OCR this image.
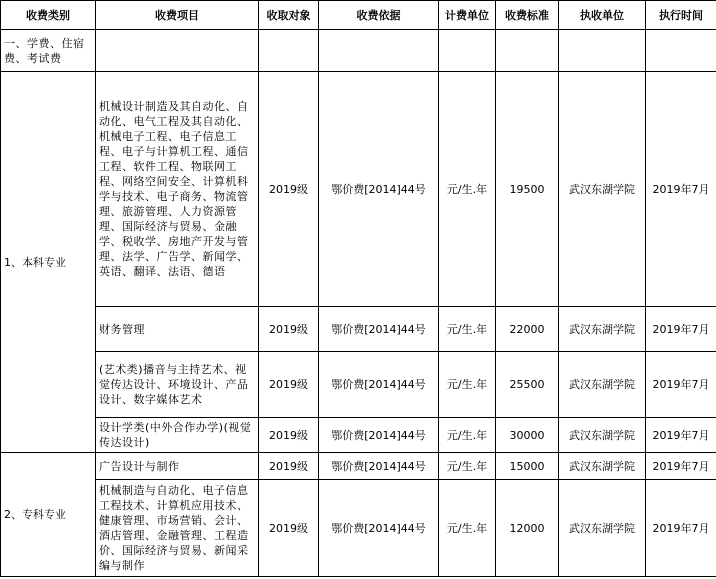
收费类别	收费项目	收取对象	收费依据	计费单位	收费标准	执收单位	执行时间
一、学费、住宿费、考试费							
1、本科专业	机械设计制造及其自动化、自动化、电气工程及其自动化、机械电子工程、电子信息工程、电子与计算机工程、通信工程、软件工程、物联网工程、网络空间安全、计算机科学与技术、电子商务、物流管理、旅游管理、人力资源管理、国际经济与贸易、金融学、税收学、房地产开发与管理、法学、广告学、新闻学、英语、翻译、法语、德语	2019级	鄂价费[2014]44号	元/生.年	19500	武汉东湖学院	2019年7月
	财务管理	2019级	鄂价费[2014]44号	元/生.年	22000	武汉东湖学院	2019年7月
	(艺术类)播音与主持艺术、视觉传达设计、环境设计、产品设计、数字媒体艺术	2019级	鄂价费[2014]44号	元/生.年	25500	武汉东湖学院	2019年7月
	设计学类(中外合作办学)(视觉传达设计)	2019级	鄂价费[2014]44号	元/生.年	30000	武汉东湖学院	2019年7月
2、专科专业	广告设计与制作	2019级	鄂价费[2014]44号	元/生.年	15000	武汉东湖学院	2019年7月
	机械制造与自动化、电子信息工程技术、计算机应用技术、健康管理、市场营销、会计、酒店管理、金融管理、工程造价、国际经济与贸易、新闻采编与制作	2019级	鄂价费[2014]44号	元/生.年	12000	武汉东湖学院	2019年7月
